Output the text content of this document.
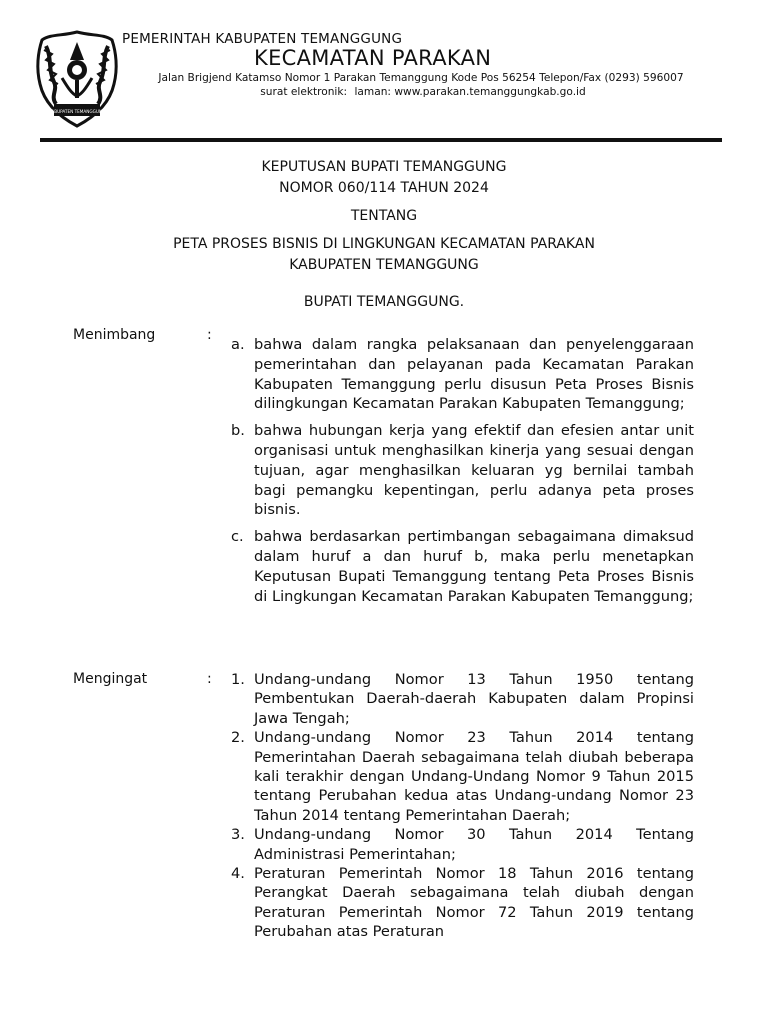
KABUPATEN TEMANGGUNG
PEMERINTAH KABUPATEN TEMANGGUNG
KECAMATAN PARAKAN
Jalan Brigjend Katamso Nomor 1 Parakan Temanggung Kode Pos 56254 Telepon/Fax (0293) 596007
surat elektronik: laman: www.parakan.temanggungkab.go.id
KEPUTUSAN BUPATI TEMANGGUNG
NOMOR 060/114 TAHUN 2024
TENTANG
PETA PROSES BISNIS DI LINGKUNGAN KECAMATAN PARAKAN
KABUPATEN TEMANGGUNG
BUPATI TEMANGGUNG.
Menimbang	:
a. bahwa dalam rangka pelaksanaan dan penyelenggaraan pemerintahan dan pelayanan pada Kecamatan Parakan Kabupaten Temanggung perlu disusun Peta Proses Bisnis dilingkungan Kecamatan Parakan Kabupaten Temanggung;
b. bahwa hubungan kerja yang efektif dan efesien antar unit organisasi untuk menghasilkan kinerja yang sesuai dengan tujuan, agar menghasilkan keluaran yg bernilai tambah bagi pemangku kepentingan, perlu adanya peta proses bisnis.
c. bahwa berdasarkan pertimbangan sebagaimana dimaksud dalam huruf a dan huruf b, maka perlu menetapkan Keputusan Bupati Temanggung tentang Peta Proses Bisnis di Lingkungan Kecamatan Parakan Kabupaten Temanggung;
Mengingat	: 1. Undang-undang Nomor 13 Tahun 1950 tentang Pembentukan Daerah-daerah Kabupaten dalam Propinsi Jawa Tengah;
2. Undang-undang Nomor 23 Tahun 2014 tentang Pemerintahan Daerah sebagaimana telah diubah beberapa kali terakhir dengan Undang-Undang Nomor 9 Tahun 2015 tentang Perubahan kedua atas Undang-undang Nomor 23 Tahun 2014 tentang Pemerintahan Daerah;
3. Undang-undang Nomor 30 Tahun 2014 Tentang Administrasi Pemerintahan;
4. Peraturan Pemerintah Nomor 18 Tahun 2016 tentang Perangkat Daerah sebagaimana telah diubah dengan Peraturan Pemerintah Nomor 72 Tahun 2019 tentang Perubahan atas Peraturan
